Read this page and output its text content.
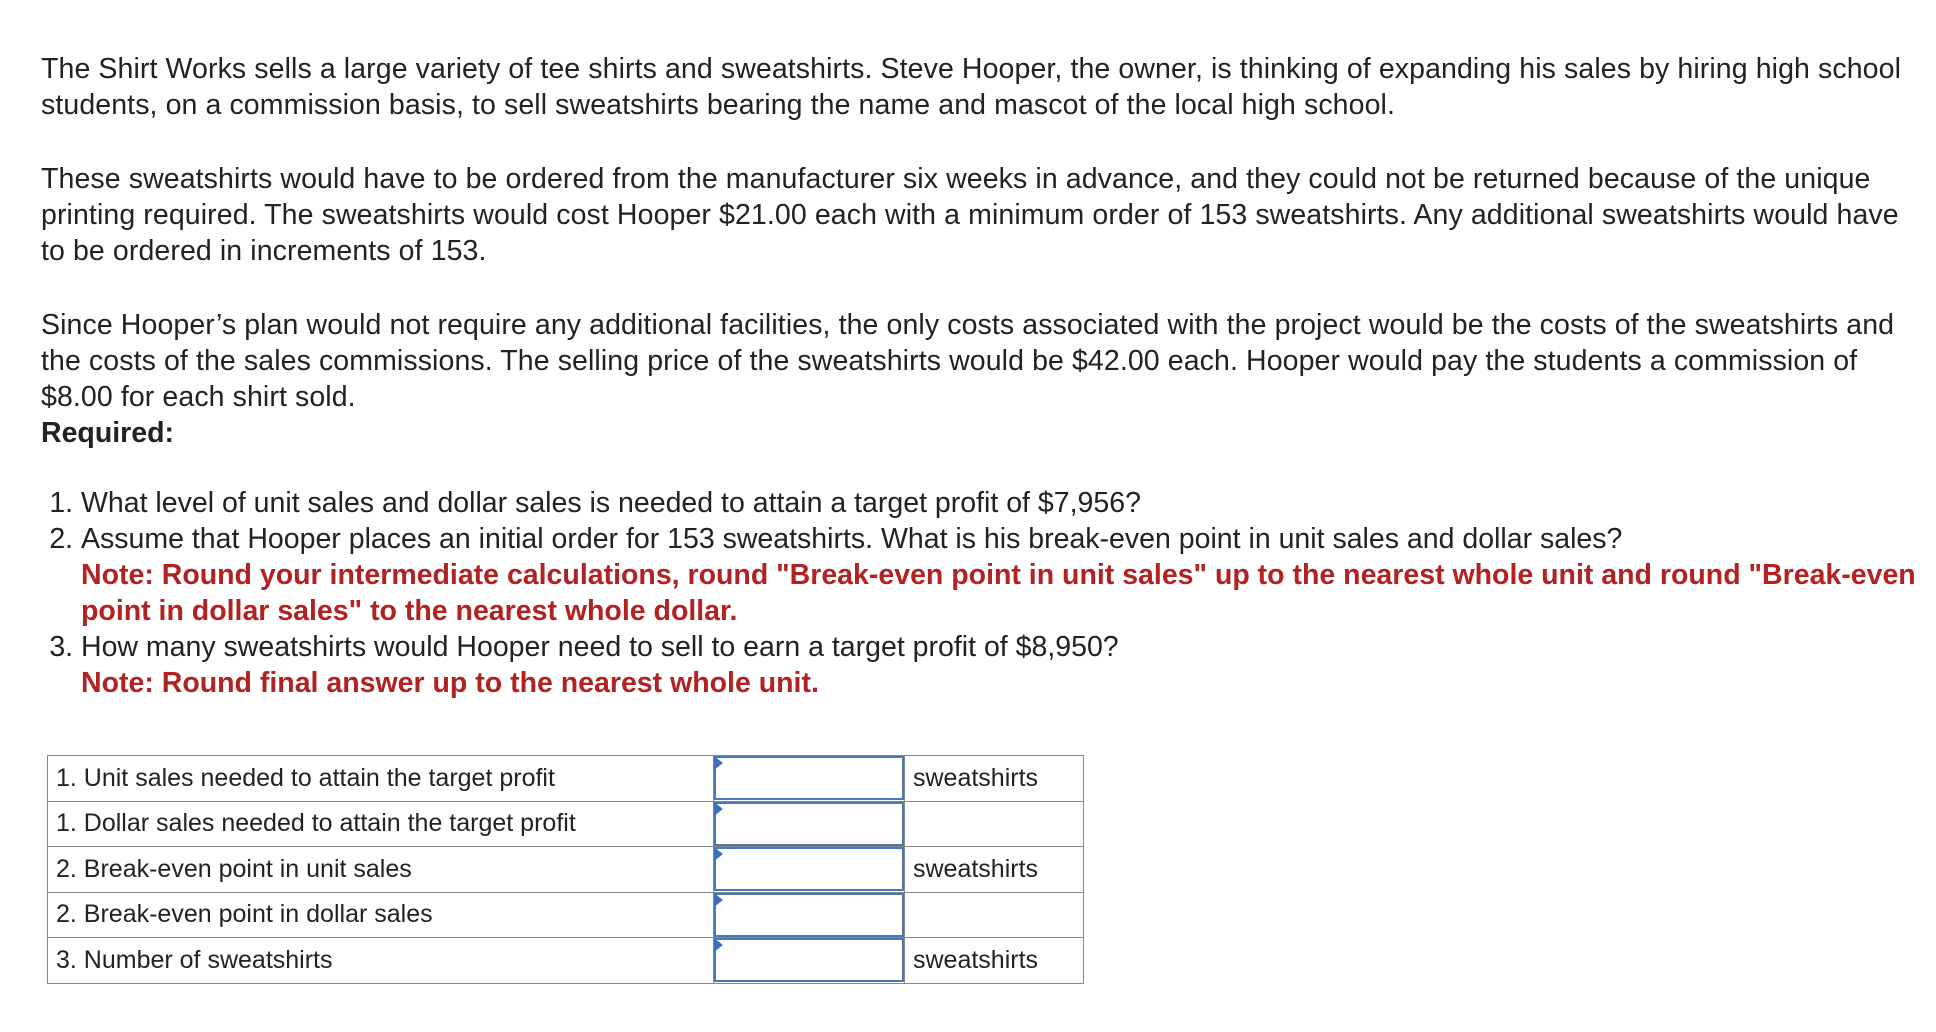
The Shirt Works sells a large variety of tee shirts and sweatshirts. Steve Hooper, the owner, is thinking of expanding his sales by hiring high school students, on a commission basis, to sell sweatshirts bearing the name and mascot of the local high school.

These sweatshirts would have to be ordered from the manufacturer six weeks in advance, and they could not be returned because of the unique printing required. The sweatshirts would cost Hooper $21.00 each with a minimum order of 153 sweatshirts. Any additional sweatshirts would have to be ordered in increments of 153.

Since Hooper’s plan would not require any additional facilities, the only costs associated with the project would be the costs of the sweatshirts and the costs of the sales commissions. The selling price of the sweatshirts would be $42.00 each. Hooper would pay the students a commission of $8.00 for each shirt sold.

Required:

1. What level of unit sales and dollar sales is needed to attain a target profit of $7,956?
2. Assume that Hooper places an initial order for 153 sweatshirts. What is his break-even point in unit sales and dollar sales?
Note: Round your intermediate calculations, round "Break-even point in unit sales" up to the nearest whole unit and round "Break-even point in dollar sales" to the nearest whole dollar.
3. How many sweatshirts would Hooper need to sell to earn a target profit of $8,950?
Note: Round final answer up to the nearest whole unit.
1. Unit sales needed to attain the target profit		sweatshirts
1. Dollar sales needed to attain the target profit	

2. Break-even point in unit sales		sweatshirts
2. Break-even point in dollar sales	

3. Number of sweatshirts		sweatshirts
